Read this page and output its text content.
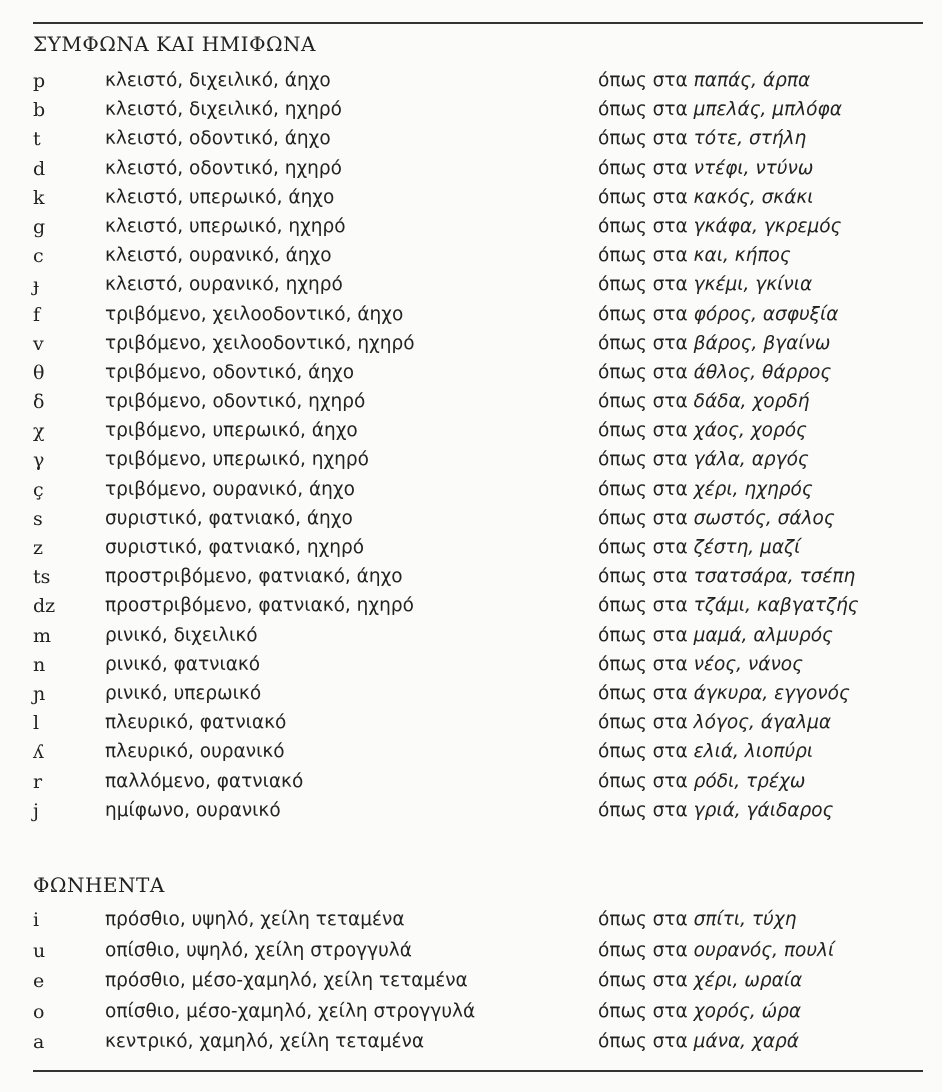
ΣΥΜΦΩΝΑ ΚΑΙ ΗΜΙΦΩΝΑ
p	κλειστό, διχειλικό, άηχο	όπως στα παπάς, άρπα
b	κλειστό, διχειλικό, ηχηρό	όπως στα μπελάς, μπλόφα
t	κλειστό, οδοντικό, άηχο	όπως στα τότε, στήλη
d	κλειστό, οδοντικό, ηχηρό	όπως στα ντέφι, ντύνω
k	κλειστό, υπερωικό, άηχο	όπως στα κακός, σκάκι
g	κλειστό, υπερωικό, ηχηρό	όπως στα γκάφα, γκρεμός
c	κλειστό, ουρανικό, άηχο	όπως στα και, κήπος
ɟ	κλειστό, ουρανικό, ηχηρό	όπως στα γκέμι, γκίνια
f	τριβόμενο, χειλοοδοντικό, άηχο	όπως στα φόρος, ασφυξία
v	τριβόμενο, χειλοοδοντικό, ηχηρό	όπως στα βάρος, βγαίνω
θ	τριβόμενο, οδοντικό, άηχο	όπως στα άθλος, θάρρος
δ	τριβόμενο, οδοντικό, ηχηρό	όπως στα δάδα, χορδή
χ	τριβόμενο, υπερωικό, άηχο	όπως στα χάος, χορός
γ	τριβόμενο, υπερωικό, ηχηρό	όπως στα γάλα, αργός
ç	τριβόμενο, ουρανικό, άηχο	όπως στα χέρι, ηχηρός
s	συριστικό, φατνιακό, άηχο	όπως στα σωστός, σάλος
z	συριστικό, φατνιακό, ηχηρό	όπως στα ζέστη, μαζί
ts	προστριβόμενο, φατνιακό, άηχο	όπως στα τσατσάρα, τσέπη
dz	προστριβόμενο, φατνιακό, ηχηρό	όπως στα τζάμι, καβγατζής
m	ρινικό, διχειλικό	όπως στα μαμά, αλμυρός
n	ρινικό, φατνιακό	όπως στα νέος, νάνος
ɲ	ρινικό, υπερωικό	όπως στα άγκυρα, εγγονός
l	πλευρικό, φατνιακό	όπως στα λόγος, άγαλμα
ʎ	πλευρικό, ουρανικό	όπως στα ελιά, λιοπύρι
r	παλλόμενο, φατνιακό	όπως στα ρόδι, τρέχω
j	ημίφωνο, ουρανικό	όπως στα γριά, γάιδαρος
ΦΩΝΗΕΝΤΑ
i	πρόσθιο, υψηλό, χείλη τεταμένα	όπως στα σπίτι, τύχη
u	οπίσθιο, υψηλό, χείλη στρογγυλά	όπως στα ουρανός, πουλί
e	πρόσθιο, μέσο-χαμηλό, χείλη τεταμένα	όπως στα χέρι, ωραία
o	οπίσθιο, μέσο-χαμηλό, χείλη στρογγυλά	όπως στα χορός, ώρα
a	κεντρικό, χαμηλό, χείλη τεταμένα	όπως στα μάνα, χαρά
